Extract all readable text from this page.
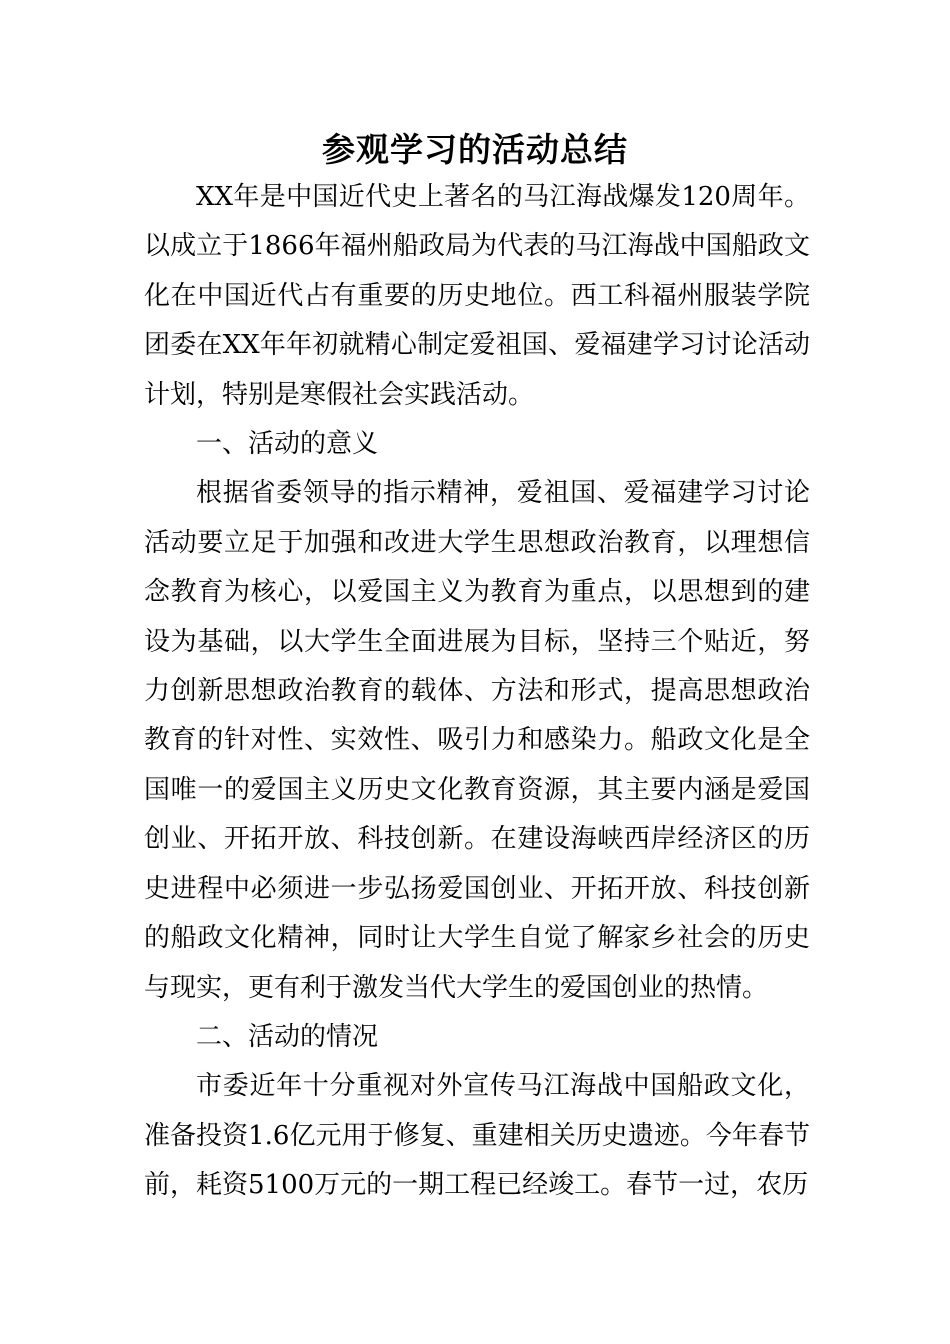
参观学习的活动总结

XX年是中国近代史上著名的马江海战爆发120周年。以成立于1866年福州船政局为代表的马江海战中国船政文化在中国近代占有重要的历史地位。西工科福州服装学院团委在XX年年初就精心制定爱祖国、爱福建学习讨论活动计划，特别是寒假社会实践活动。

一、活动的意义

根据省委领导的指示精神，爱祖国、爱福建学习讨论活动要立足于加强和改进大学生思想政治教育，以理想信念教育为核心，以爱国主义为教育为重点，以思想到的建设为基础，以大学生全面进展为目标，坚持三个贴近，努力创新思想政治教育的载体、方法和形式，提高思想政治教育的针对性、实效性、吸引力和感染力。船政文化是全国唯一的爱国主义历史文化教育资源，其主要内涵是爱国创业、开拓开放、科技创新。在建设海峡西岸经济区的历史进程中必须进一步弘扬爱国创业、开拓开放、科技创新的船政文化精神，同时让大学生自觉了解家乡社会的历史与现实，更有利于激发当代大学生的爱国创业的热情。

二、活动的情况

市委近年十分重视对外宣传马江海战中国船政文化，准备投资1.6亿元用于修复、重建相关历史遗迹。今年春节前，耗资5100万元的一期工程已经竣工。春节一过，农历
